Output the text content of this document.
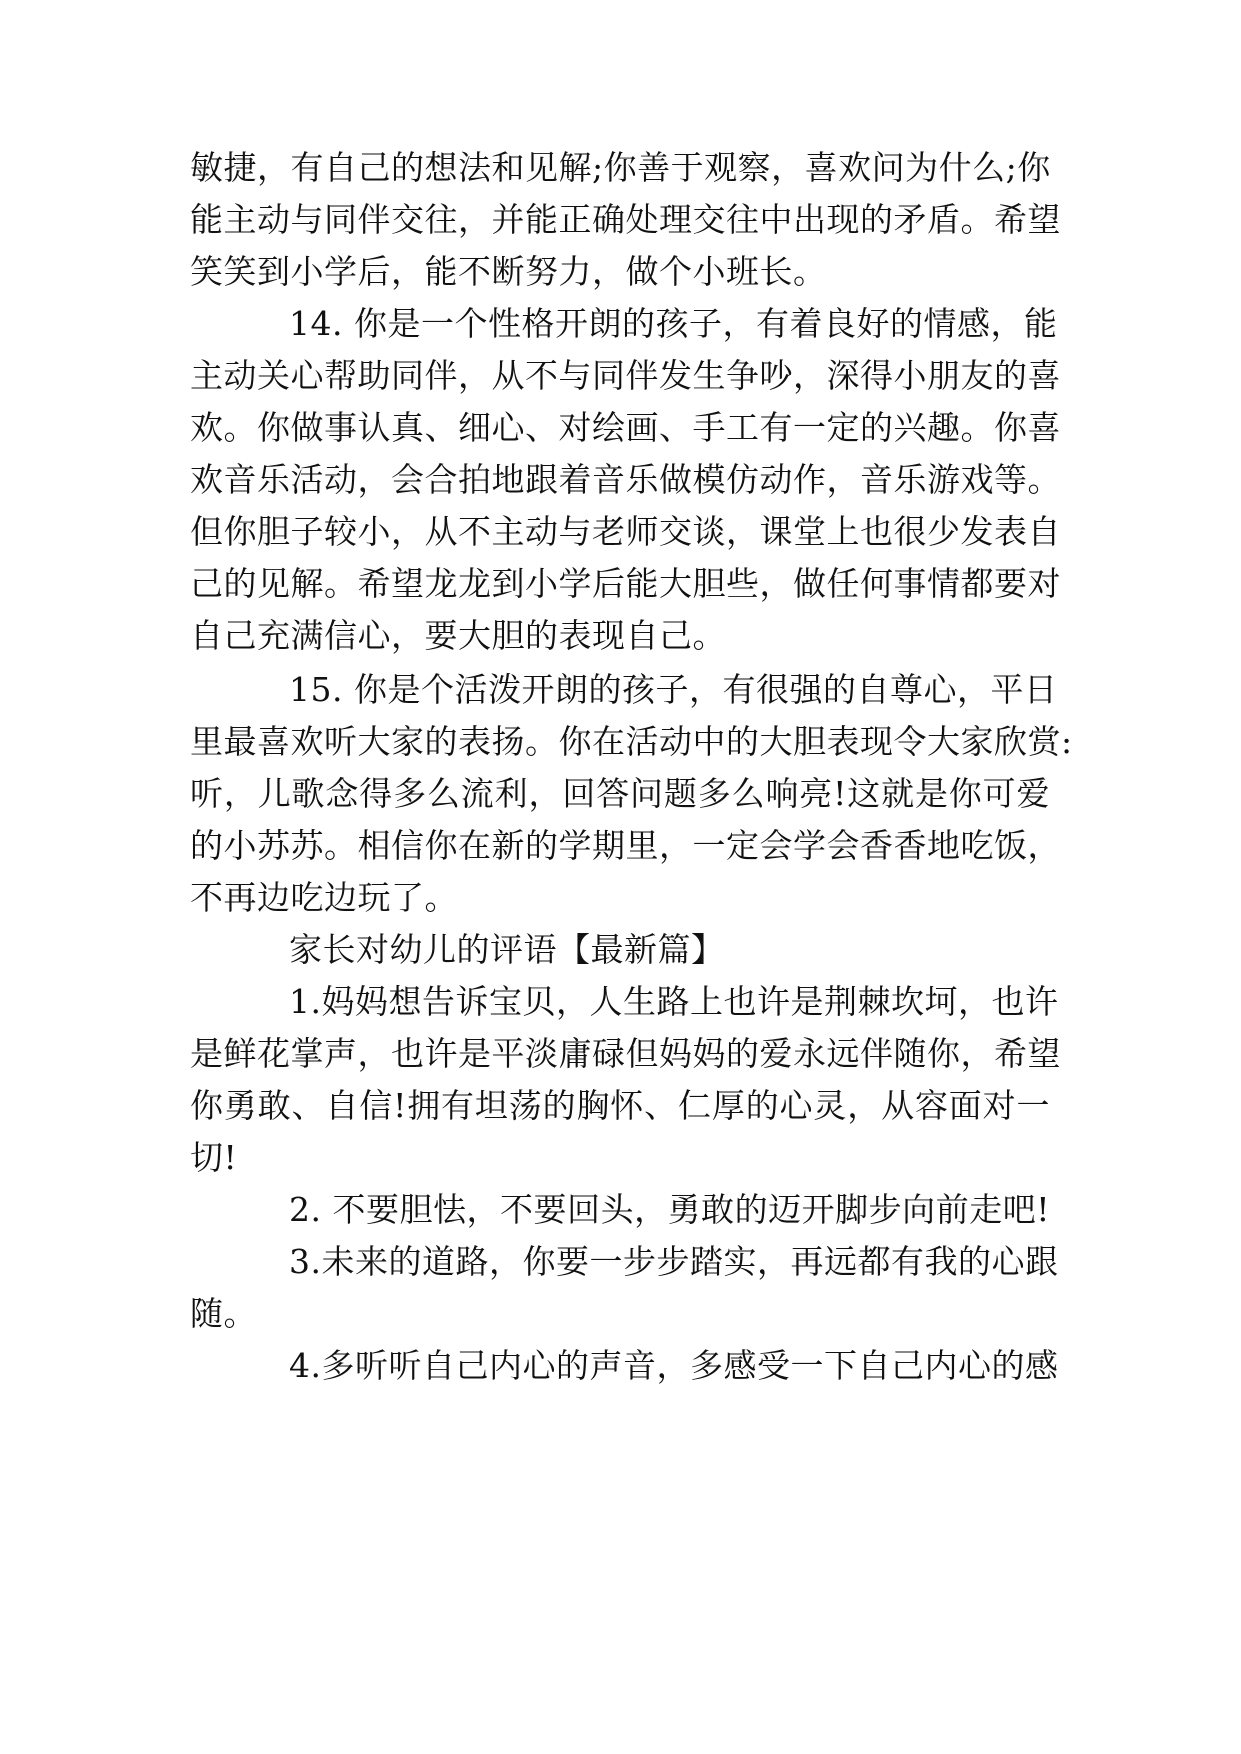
敏捷，有自己的想法和见解;你善于观察，喜欢问为什么;你
能主动与同伴交往，并能正确处理交往中出现的矛盾。希望
笑笑到小学后，能不断努力，做个小班长。
14. 你是一个性格开朗的孩子，有着良好的情感，能
主动关心帮助同伴，从不与同伴发生争吵，深得小朋友的喜
欢。你做事认真、细心、对绘画、手工有一定的兴趣。你喜
欢音乐活动，会合拍地跟着音乐做模仿动作，音乐游戏等。
但你胆子较小，从不主动与老师交谈，课堂上也很少发表自
己的见解。希望龙龙到小学后能大胆些，做任何事情都要对
自己充满信心，要大胆的表现自己。
15. 你是个活泼开朗的孩子，有很强的自尊心，平日
里最喜欢听大家的表扬。你在活动中的大胆表现令大家欣赏:
听，儿歌念得多么流利，回答问题多么响亮!这就是你可爱
的小苏苏。相信你在新的学期里，一定会学会香香地吃饭，
不再边吃边玩了。
家长对幼儿的评语【最新篇】
1.妈妈想告诉宝贝，人生路上也许是荆棘坎坷，也许
是鲜花掌声，也许是平淡庸碌但妈妈的爱永远伴随你，希望
你勇敢、自信!拥有坦荡的胸怀、仁厚的心灵，从容面对一
切!
2. 不要胆怯，不要回头，勇敢的迈开脚步向前走吧!
3.未来的道路，你要一步步踏实，再远都有我的心跟
随。
4.多听听自己内心的声音，多感受一下自己内心的感
